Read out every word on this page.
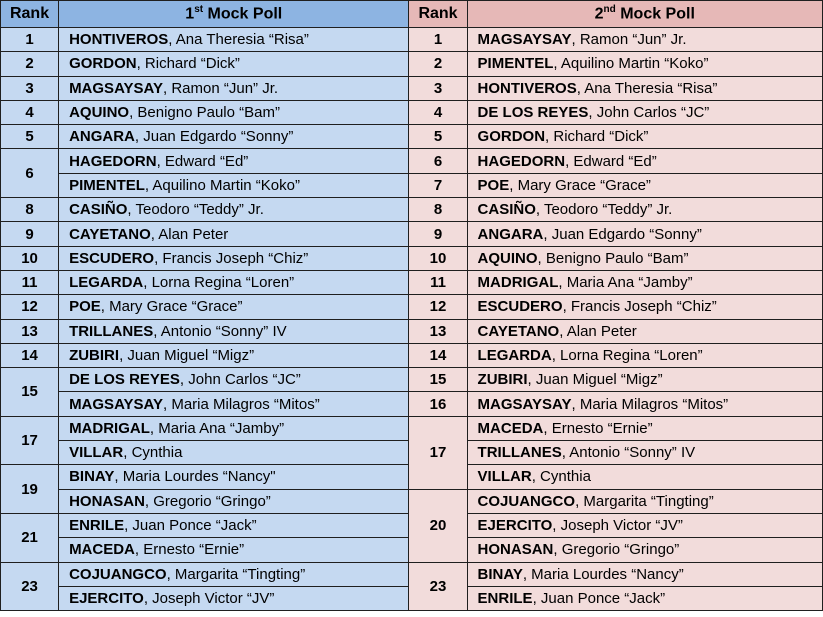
Rank	1st Mock Poll	Rank	2nd Mock Poll
1	HONTIVEROS, Ana Theresia “Risa”	1	MAGSAYSAY, Ramon “Jun” Jr.
2	GORDON, Richard “Dick”	2	PIMENTEL, Aquilino Martin “Koko”
3	MAGSAYSAY, Ramon “Jun” Jr.	3	HONTIVEROS, Ana Theresia “Risa”
4	AQUINO, Benigno Paulo “Bam”	4	DE LOS REYES, John Carlos “JC”
5	ANGARA, Juan Edgardo “Sonny”	5	GORDON, Richard “Dick”
6	HAGEDORN, Edward “Ed”	6	HAGEDORN, Edward “Ed”
	PIMENTEL, Aquilino Martin “Koko”	7	POE, Mary Grace “Grace”
8	CASIÑO, Teodoro “Teddy” Jr.	8	CASIÑO, Teodoro “Teddy” Jr.
9	CAYETANO, Alan Peter	9	ANGARA, Juan Edgardo “Sonny”
10	ESCUDERO, Francis Joseph “Chiz”	10	AQUINO, Benigno Paulo “Bam”
11	LEGARDA, Lorna Regina “Loren”	11	MADRIGAL, Maria Ana “Jamby”
12	POE, Mary Grace “Grace”	12	ESCUDERO, Francis Joseph “Chiz”
13	TRILLANES, Antonio “Sonny” IV	13	CAYETANO, Alan Peter
14	ZUBIRI, Juan Miguel “Migz”	14	LEGARDA, Lorna Regina “Loren”
15	DE LOS REYES, John Carlos “JC”	15	ZUBIRI, Juan Miguel “Migz”
	MAGSAYSAY, Maria Milagros “Mitos”	16	MAGSAYSAY, Maria Milagros “Mitos”
17	MADRIGAL, Maria Ana “Jamby”	17	MACEDA, Ernesto “Ernie”
	VILLAR, Cynthia		TRILLANES, Antonio “Sonny” IV
19	BINAY, Maria Lourdes “Nancy"		VILLAR, Cynthia
	HONASAN, Gregorio “Gringo”	20	COJUANGCO, Margarita “Tingting”
21	ENRILE, Juan Ponce “Jack”		EJERCITO, Joseph Victor “JV”
	MACEDA, Ernesto “Ernie”		HONASAN, Gregorio “Gringo”
23	COJUANGCO, Margarita “Tingting”	23	BINAY, Maria Lourdes “Nancy”
	EJERCITO, Joseph Victor “JV”		ENRILE, Juan Ponce “Jack”
